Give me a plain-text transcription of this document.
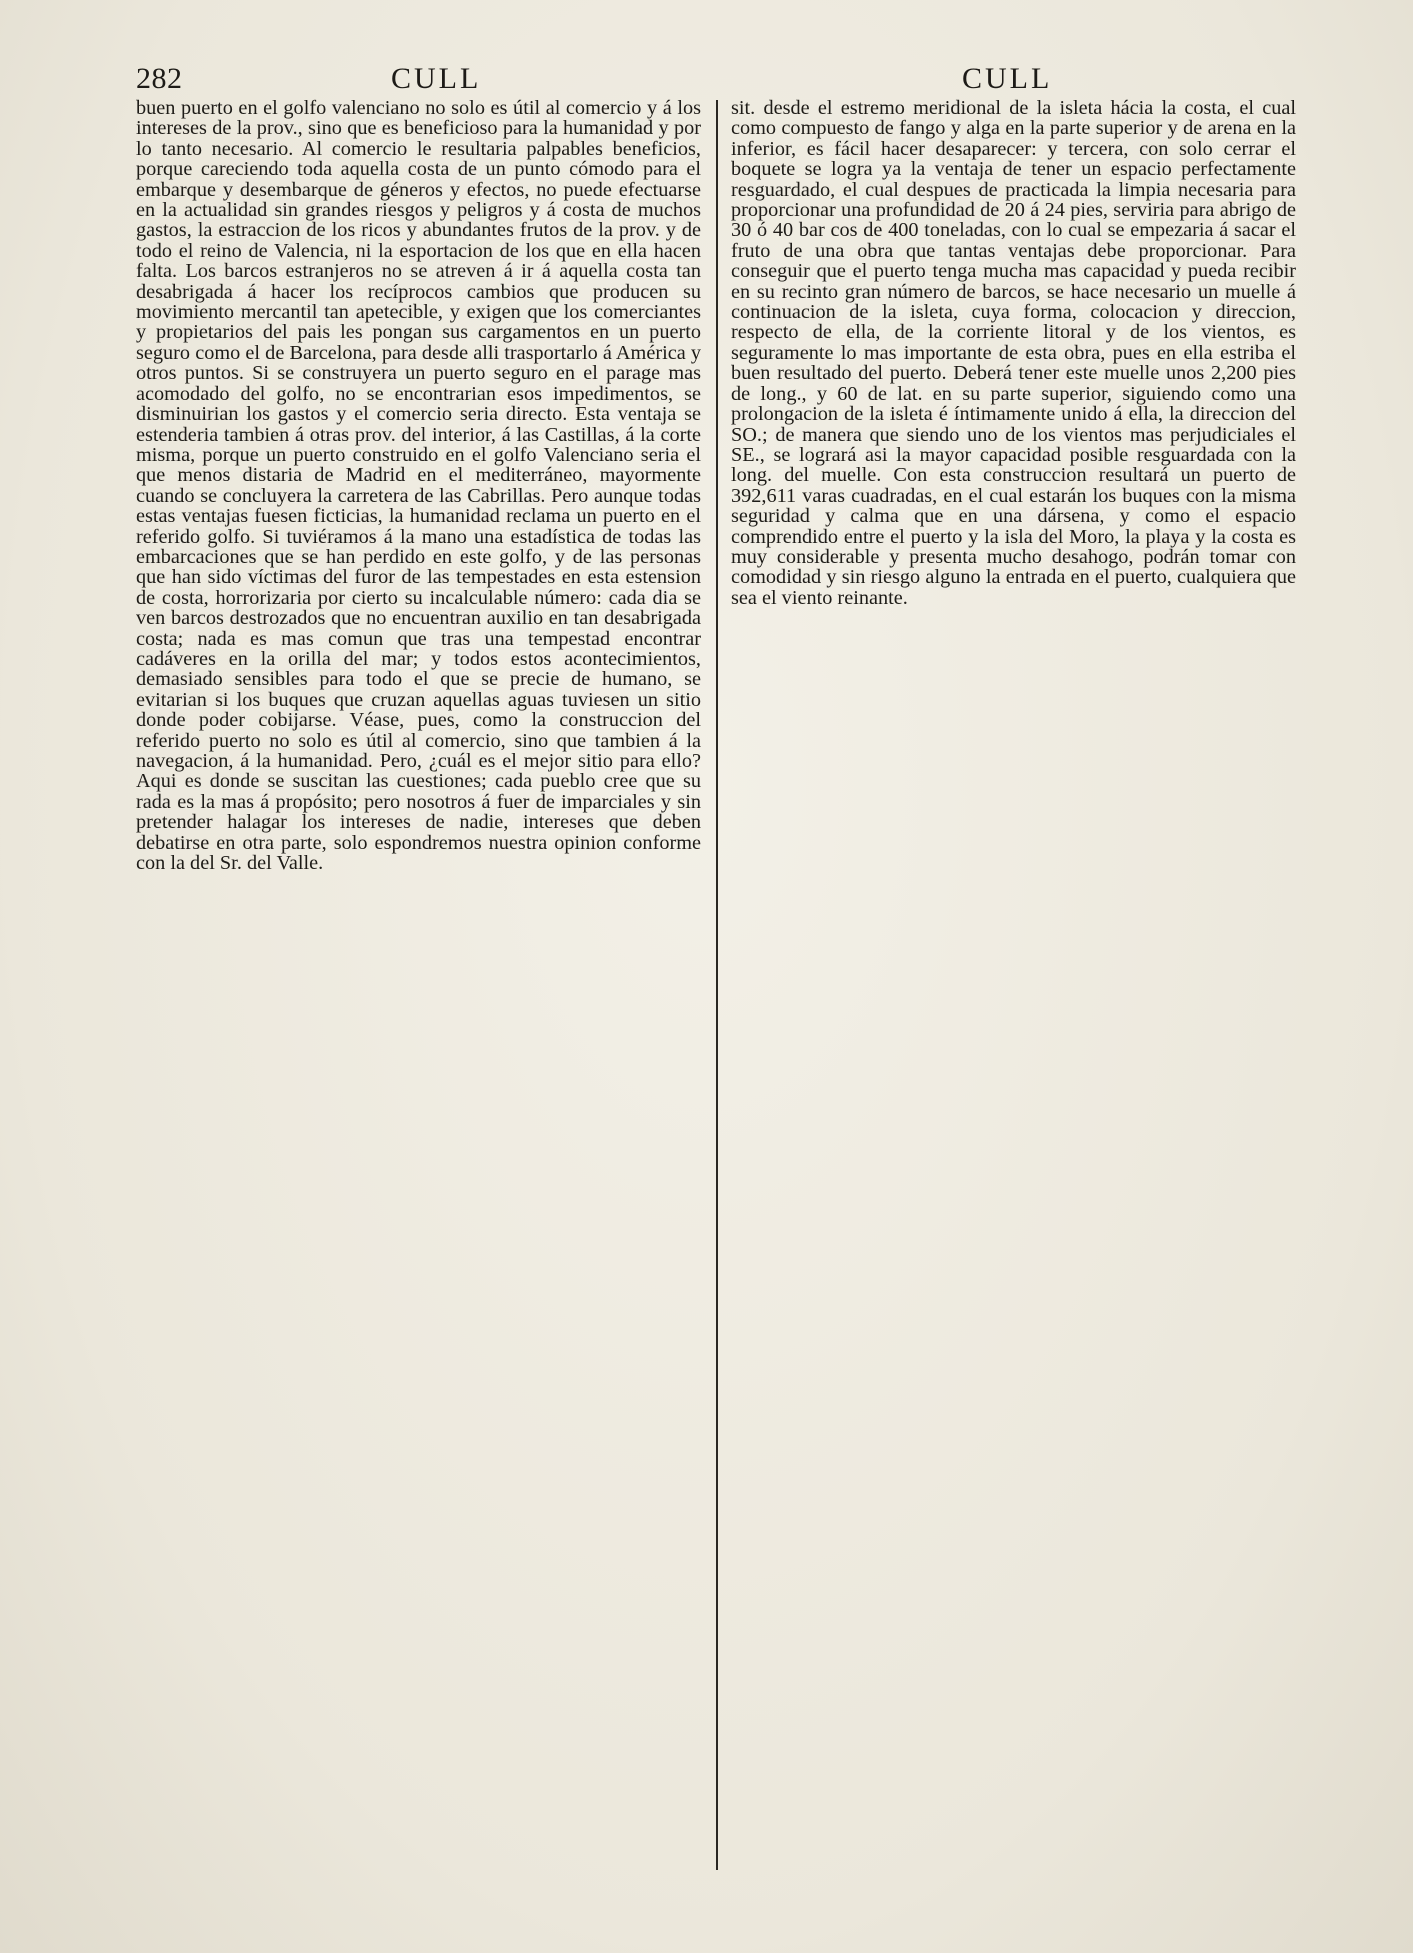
282	CULL	CULL

buen puerto en el golfo valenciano no solo es útil al comercio y á los intereses de la prov., sino que es beneficioso para la humanidad y por lo tanto necesario. Al comercio le resultaria palpables beneficios, porque careciendo toda aquella costa de un punto cómodo para el embarque y desembarque de géneros y efectos, no puede efectuarse en la actualidad sin grandes riesgos y peligros y á costa de muchos gastos, la estraccion de los ricos y abundantes frutos de la prov. y de todo el reino de Valencia, ni la esportacion de los que en ella hacen falta. Los barcos estranjeros no se atreven á ir á aquella costa tan desabrigada á hacer los recíprocos cambios que producen su movimiento mercantil tan apetecible, y exigen que los comerciantes y propietarios del pais les pongan sus cargamentos en un puerto seguro como el de Barcelona, para desde alli trasportarlo á América y otros puntos. Si se construyera un puerto seguro en el parage mas acomodado del golfo, no se encontrarian esos impedimentos, se disminuirian los gastos y el comercio seria directo. Esta ventaja se estenderia tambien á otras prov. del interior, á las Castillas, á la corte misma, porque un puerto construido en el golfo Valenciano seria el que menos distaria de Madrid en el mediterráneo, mayormente cuando se concluyera la carretera de las Cabrillas. Pero aunque todas estas ventajas fuesen ficticias, la humanidad reclama un puerto en el referido golfo. Si tuviéramos á la mano una estadística de todas las embarcaciones que se han perdido en este golfo, y de las personas que han sido víctimas del furor de las tempestades en esta estension de costa, horrorizaria por cierto su incalculable número: cada dia se ven barcos destrozados que no encuentran auxilio en tan desabrigada costa; nada es mas comun que tras una tempestad encontrar cadáveres en la orilla del mar; y todos estos acontecimientos, demasiado sensibles para todo el que se precie de humano, se evitarian si los buques que cruzan aquellas aguas tuviesen un sitio donde poder cobijarse. Véase, pues, como la construccion del referido puerto no solo es útil al comercio, sino que tambien á la navegacion, á la humanidad. Pero, ¿cuál es el mejor sitio para ello? Aqui es donde se suscitan las cuestiones; cada pueblo cree que su rada es la mas á propósito; pero nosotros á fuer de imparciales y sin pretender halagar los intereses de nadie, intereses que deben debatirse en otra parte, solo espondremos nuestra opinion conforme con la del Sr. del Valle.

sit. desde el estremo meridional de la isleta hácia la costa, el cual como compuesto de fango y alga en la parte superior y de arena en la inferior, es fácil hacer desaparecer: y tercera, con solo cerrar el boquete se logra ya la ventaja de tener un espacio perfectamente resguardado, el cual despues de practicada la limpia necesaria para proporcionar una profundidad de 20 á 24 pies, serviria para abrigo de 30 ó 40 bar cos de 400 toneladas, con lo cual se empezaria á sacar el fruto de una obra que tantas ventajas debe proporcionar. Para conseguir que el puerto tenga mucha mas capacidad y pueda recibir en su recinto gran número de barcos, se hace necesario un muelle á continuacion de la isleta, cuya forma, colocacion y direccion, respecto de ella, de la corriente litoral y de los vientos, es seguramente lo mas importante de esta obra, pues en ella estriba el buen resultado del puerto. Deberá tener este muelle unos 2,200 pies de long., y 60 de lat. en su parte superior, siguiendo como una prolongacion de la isleta é íntimamente unido á ella, la direccion del SO.; de manera que siendo uno de los vientos mas perjudiciales el SE., se logrará asi la mayor capacidad posible resguardada con la long. del muelle. Con esta construccion resultará un puerto de 392,611 varas cuadradas, en el cual estarán los buques con la misma seguridad y calma que en una dársena, y como el espacio comprendido entre el puerto y la isla del Moro, la playa y la costa es muy considerable y presenta mucho desahogo, podrán tomar con comodidad y sin riesgo alguno la entrada en el puerto, cualquiera que sea el viento reinante.
